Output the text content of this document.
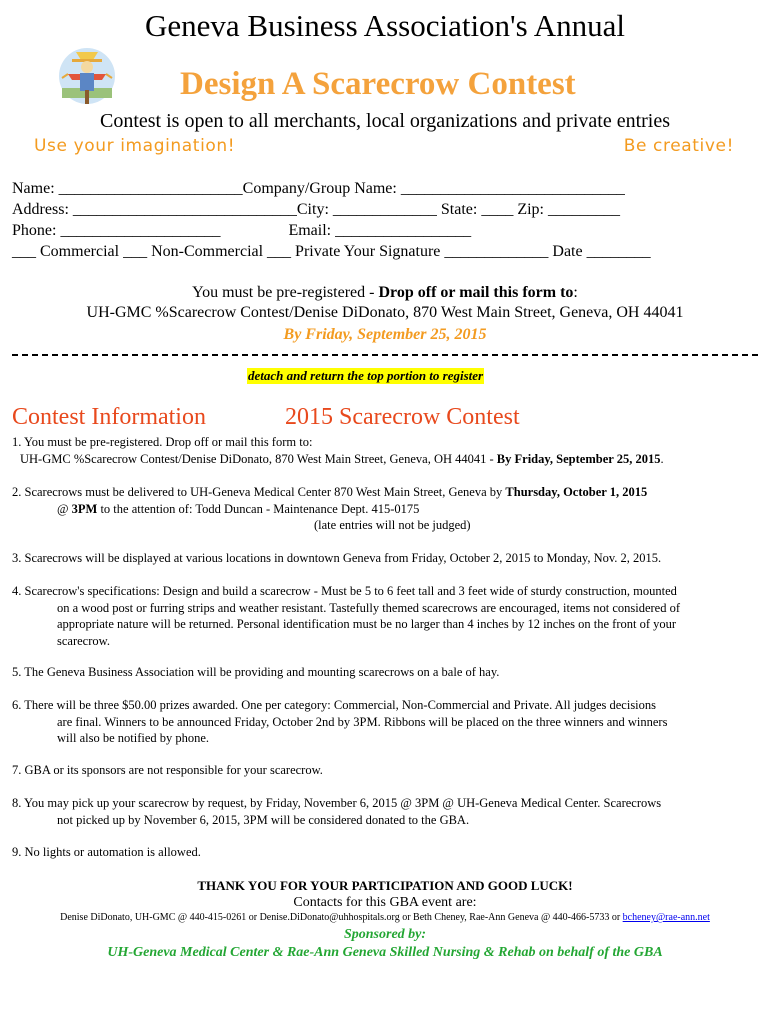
Geneva Business Association's Annual
Design A Scarecrow Contest
Contest is open to all merchants, local organizations and private entries
Use your imagination!	Be creative!
Name: _______________________Company/Group Name: ____________________________
Address: ____________________________City: _____________ State: ____ Zip: _________
Phone: ____________________                 Email: _________________
___ Commercial ___ Non-Commercial ___ Private Your Signature _____________ Date ________
You must be pre-registered - Drop off or mail this form to:
UH-GMC %Scarecrow Contest/Denise DiDonato, 870 West Main Street, Geneva, OH 44041
By Friday, September 25, 2015
detach and return the top portion to register
Contest Information	2015 Scarecrow Contest
1. You must be pre-registered. Drop off or mail this form to:
UH-GMC %Scarecrow Contest/Denise DiDonato, 870 West Main Street, Geneva, OH 44041 - By Friday, September 25, 2015.
2. Scarecrows must be delivered to UH-Geneva Medical Center 870 West Main Street, Geneva by Thursday, October 1, 2015
@ 3PM to the attention of: Todd Duncan - Maintenance Dept. 415-0175
(late entries will not be judged)
3. Scarecrows will be displayed at various locations in downtown Geneva from Friday, October 2, 2015 to Monday, Nov. 2, 2015.
4. Scarecrow's specifications: Design and build a scarecrow - Must be 5 to 6 feet tall and 3 feet wide of sturdy construction, mounted
on a wood post or furring strips and weather resistant. Tastefully themed scarecrows are encouraged, items not considered of
appropriate nature will be returned. Personal identification must be no larger than 4 inches by 12 inches on the front of your
scarecrow.
5. The Geneva Business Association will be providing and mounting scarecrows on a bale of hay.
6. There will be three $50.00 prizes awarded. One per category: Commercial, Non-Commercial and Private. All judges decisions
are final. Winners to be announced Friday, October 2nd by 3PM. Ribbons will be placed on the three winners and winners
will also be notified by phone.
7. GBA or its sponsors are not responsible for your scarecrow.
8. You may pick up your scarecrow by request, by Friday, November 6, 2015 @ 3PM @ UH-Geneva Medical Center. Scarecrows
not picked up by November 6, 2015, 3PM will be considered donated to the GBA.
9. No lights or automation is allowed.
THANK YOU FOR YOUR PARTICIPATION AND GOOD LUCK!
Contacts for this GBA event are:
Denise DiDonato, UH-GMC @ 440-415-0261 or Denise.DiDonato@uhhospitals.org or Beth Cheney, Rae-Ann Geneva @ 440-466-5733 or bcheney@rae-ann.net
Sponsored by:
UH-Geneva Medical Center & Rae-Ann Geneva Skilled Nursing & Rehab on behalf of the GBA
